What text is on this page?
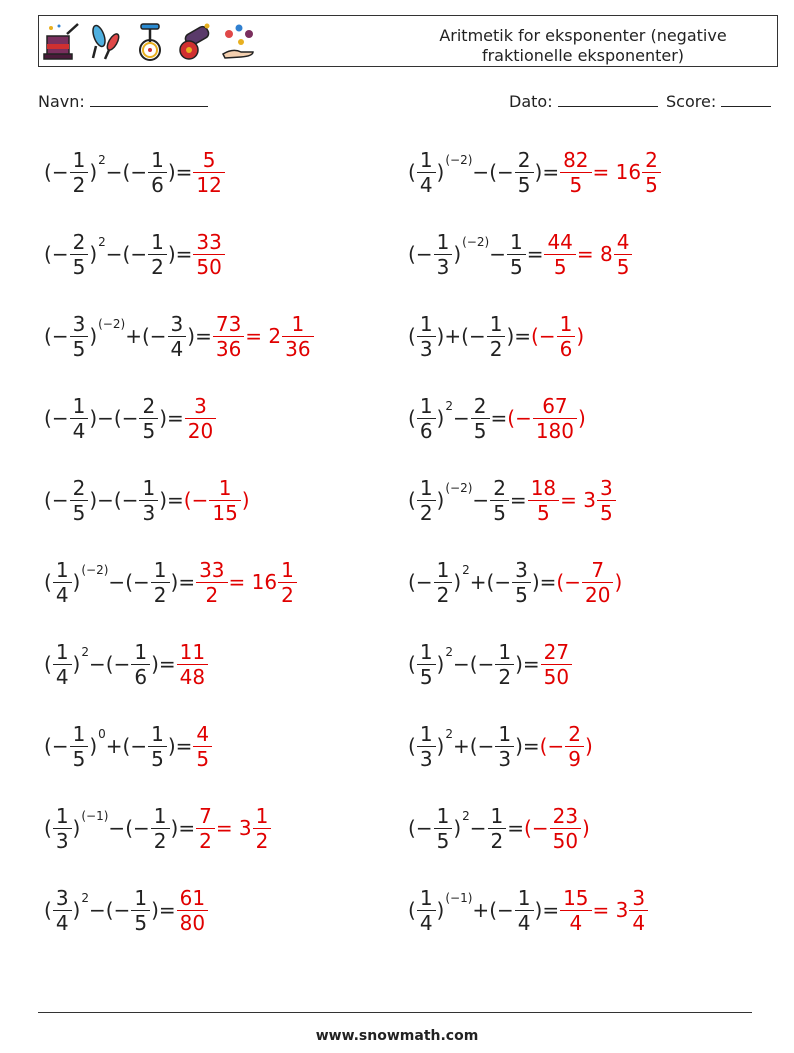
Aritmetik for eksponenter (negative fraktionelle eksponenter)
Navn:	Dato:	Score:
( − $\frac{1}{2}$ ) 2 − ( − $\frac{1}{6}$ ) = $\frac{5}{12}$	( $\frac{1}{4}$ ) (−2) − ( − $\frac{2}{5}$ ) = $\frac{82}{5} = 16 \frac{2}{5}$
( − $\frac{2}{5}$ ) 2 − ( − $\frac{1}{2}$ ) = $\frac{33}{50}$	( − $\frac{1}{3}$ ) $(-2) - \frac{1}{5} = \frac{44}{5} = 8 \frac{4}{5}$
( − $\frac{3}{5}$ ) (−2) + ( − $\frac{3}{4}$ ) = $\frac{73}{36} = 2 \frac{1}{36}$	( $\frac{1}{3}$ ) + ( − $\frac{1}{2}$ ) = (− $\frac{1}{6}$ )
( − $\frac{1}{4}$ ) − ( − $\frac{2}{5}$ ) = $\frac{3}{20}$	( $\frac{1}{6}$ ) $2 - \frac{2}{5}$ = (− $\frac{67}{180}$ )
( − $\frac{2}{5}$ ) − ( − $\frac{1}{3}$ ) = (− $\frac{1}{15}$ )	( $\frac{1}{2}$ ) $(-2) - \frac{2}{5} = \frac{18}{5} = 3 \frac{3}{5}$
( $\frac{1}{4}$ ) (−2) − ( − $\frac{1}{2}$ ) = $\frac{33}{2} = 16 \frac{1}{2}$	( − $\frac{1}{2}$ ) 2 + ( − $\frac{3}{5}$ ) = (− $\frac{7}{20}$ )
( $\frac{1}{4}$ ) 2 − ( − $\frac{1}{6}$ ) = $\frac{11}{48}$	( $\frac{1}{5}$ ) 2 − ( − $\frac{1}{2}$ ) = $\frac{27}{50}$
( − $\frac{1}{5}$ ) 0 + ( − $\frac{1}{5}$ ) = $\frac{4}{5}$	( $\frac{1}{3}$ ) 2 + ( − $\frac{1}{3}$ ) = (− $\frac{2}{9}$ )
( $\frac{1}{3}$ ) (−1) − ( − $\frac{1}{2}$ ) = $\frac{7}{2} = 3 \frac{1}{2}$	( − $\frac{1}{5}$ ) $2 - \frac{1}{2}$ = (− $\frac{23}{50}$ )
( $\frac{3}{4}$ ) 2 − ( − $\frac{1}{5}$ ) = $\frac{61}{80}$	( $\frac{1}{4}$ ) (−1) + ( − $\frac{1}{4}$ ) = $\frac{15}{4} = 3 \frac{3}{4}$
www.snowmath.com
